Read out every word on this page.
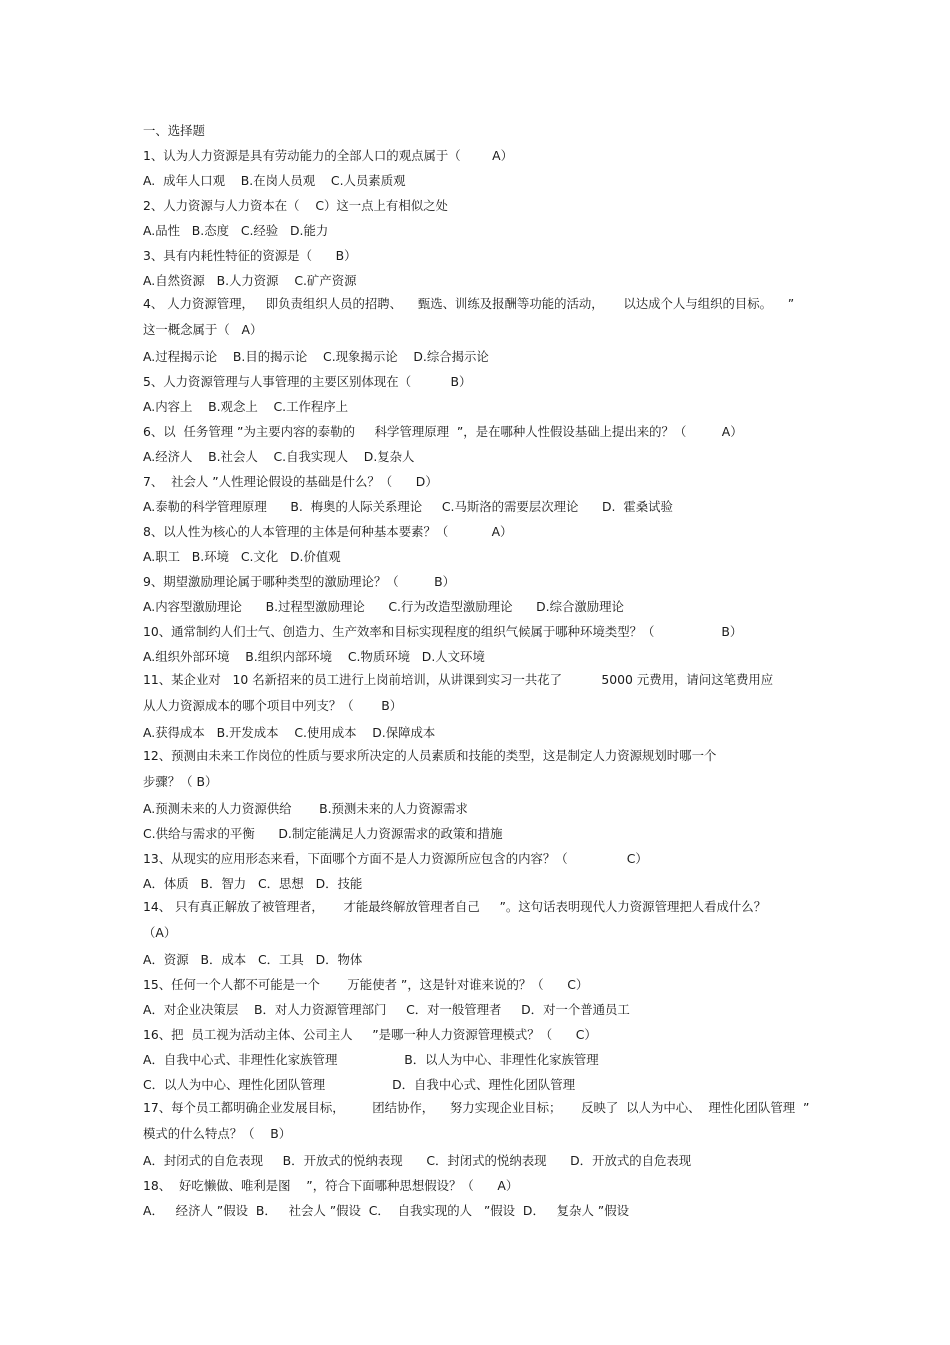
一、选择题
1、认为人力资源是具有劳动能力的全部人口的观点属于（        A）
A.  成年人口观    B.在岗人员观    C.人员素质观
2、人力资源与人力资本在（    C）这一点上有相似之处
A.品性   B.态度   C.经验   D.能力
3、具有内耗性特征的资源是（      B）
A.自然资源   B.人力资源    C.矿产资源
4、 人力资源管理，   即负责组织人员的招聘、    甄选、训练及报酬等功能的活动，     以达成个人与组织的目标。    ”
这一概念属于（   A）
A.过程揭示论    B.目的揭示论    C.现象揭示论    D.综合揭示论
5、人力资源管理与人事管理的主要区别体现在（          B）
A.内容上    B.观念上    C.工作程序上
6、以  任务管理 ”为主要内容的泰勒的     科学管理原理  ”，是在哪种人性假设基础上提出来的？（         A）
A.经济人    B.社会人    C.自我实现人    D.复杂人
7、  社会人 ”人性理论假设的基础是什么？（      D）
A.泰勒的科学管理原理      B.  梅奥的人际关系理论     C.马斯洛的需要层次理论      D.  霍桑试验
8、以人性为核心的人本管理的主体是何种基本要素？（           A）
A.职工   B.环境   C.文化   D.价值观
9、期望激励理论属于哪种类型的激励理论？（         B）
A.内容型激励理论      B.过程型激励理论      C.行为改造型激励理论      D.综合激励理论
10、通常制约人们士气、创造力、生产效率和目标实现程度的组织气候属于哪种环境类型？（                 B）
A.组织外部环境    B.组织内部环境    C.物质环境   D.人文环境
11、某企业对   10 名新招来的员工进行上岗前培训，从讲课到实习一共花了          5000 元费用，请问这笔费用应
从人力资源成本的哪个项目中列支？（       B）
A.获得成本   B.开发成本    C.使用成本    D.保障成本
12、预测由未来工作岗位的性质与要求所决定的人员素质和技能的类型，这是制定人力资源规划时哪一个
步骤？（ B）
A.预测未来的人力资源供给       B.预测未来的人力资源需求
C.供给与需求的平衡      D.制定能满足人力资源需求的政策和措施
13、从现实的应用形态来看，下面哪个方面不是人力资源所应包含的内容？（               C）
A．体质   B．智力   C．思想   D．技能
14、 只有真正解放了被管理者，     才能最终解放管理者自己     ”。这句话表明现代人力资源管理把人看成什么？
（A）
A．资源   B．成本   C．工具   D．物体
15、任何一个人都不可能是一个       万能使者 ”，这是针对谁来说的？（      C）
A．对企业决策层    B．对人力资源管理部门     C．对一般管理者     D．对一个普通员工
16、把  员工视为活动主体、公司主人     ”是哪一种人力资源管理模式？（      C）
A．自我中心式、非理性化家族管理                 B．以人为中心、非理性化家族管理
C．以人为中心、理性化团队管理                 D．自我中心式、理性化团队管理
17、每个员工都明确企业发展目标，       团结协作，    努力实现企业目标；     反映了  以人为中心、  理性化团队管理  ”
模式的什么特点？（    B）
A．封闭式的自危表现     B．开放式的悦纳表现      C．封闭式的悦纳表现      D．开放式的自危表现
18、  好吃懒做、唯利是图    ”，符合下面哪种思想假设？（      A）
A．   经济人 ”假设  B．   社会人 ”假设  C．  自我实现的人   ”假设  D．   复杂人 ”假设
